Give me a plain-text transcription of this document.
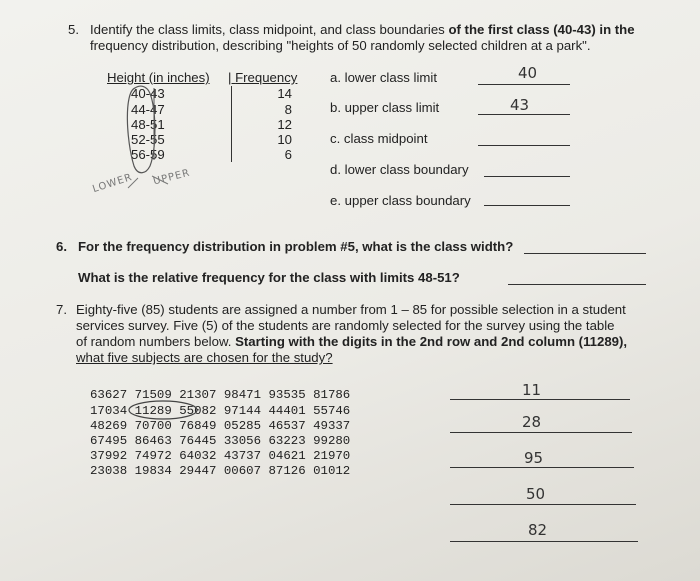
5. Identify the class limits, class midpoint, and class boundaries of the first class (40-43) in the
frequency distribution, describing "heights of 50 randomly selected children at a park".
Height (in inches) | Frequency
40-43
44-47
48-51
52-55
56-59
14
8
12
10
6
LOWER UPPER
a. lower class limit	40
b. upper class limit	43
c. class midpoint
d. lower class boundary
e. upper class boundary
6. For the frequency distribution in problem #5, what is the class width?
What is the relative frequency for the class with limits 48-51?
7. Eighty-five (85) students are assigned a number from 1 – 85 for possible selection in a student
services survey. Five (5) of the students are randomly selected for the survey using the table
of random numbers below. Starting with the digits in the 2nd row and 2nd column (11289),
what five subjects are chosen for the study?
63627 71509 21307 98471 93535 81786
17034 11289 55082 97144 44401 55746
48269 70700 76849 05285 46537 49337
67495 86463 76445 33056 63223 99280
37992 74972 64032 43737 04621 21970
23038 19834 29447 00607 87126 01012
11
28
95
50
82
